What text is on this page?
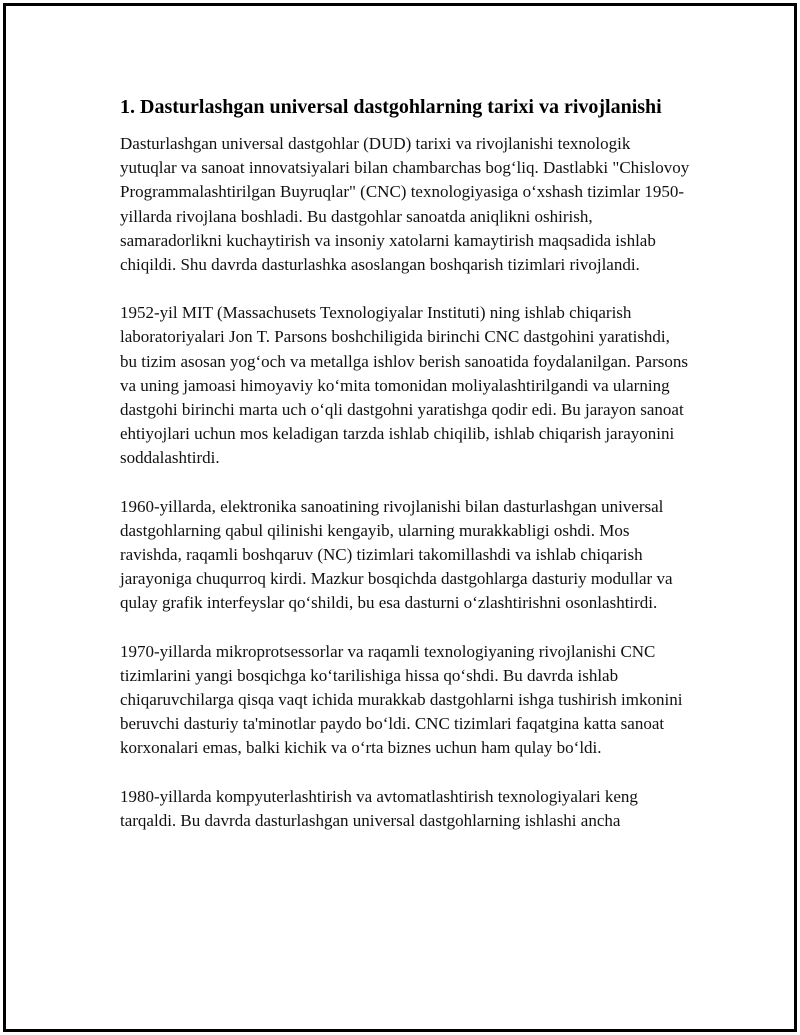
1. Dasturlashgan universal dastgohlarning tarixi va rivojlanishi

Dasturlashgan universal dastgohlar (DUD) tarixi va rivojlanishi texnologik yutuqlar va sanoat innovatsiyalari bilan chambarchas bog‘liq. Dastlabki "Chislovoy Programmalashtirilgan Buyruqlar" (CNC) texnologiyasiga o‘xshash tizimlar 1950-yillarda rivojlana boshladi. Bu dastgohlar sanoatda aniqlikni oshirish, samaradorlikni kuchaytirish va insoniy xatolarni kamaytirish maqsadida ishlab chiqildi. Shu davrda dasturlashka asoslangan boshqarish tizimlari rivojlandi.

1952-yil MIT (Massachusets Texnologiyalar Instituti) ning ishlab chiqarish laboratoriyalari Jon T. Parsons boshchiligida birinchi CNC dastgohini yaratishdi, bu tizim asosan yog‘och va metallga ishlov berish sanoatida foydalanilgan. Parsons va uning jamoasi himoyaviy ko‘mita tomonidan moliyalashtirilgandi va ularning dastgohi birinchi marta uch o‘qli dastgohni yaratishga qodir edi. Bu jarayon sanoat ehtiyojlari uchun mos keladigan tarzda ishlab chiqilib, ishlab chiqarish jarayonini soddalashtirdi.

1960-yillarda, elektronika sanoatining rivojlanishi bilan dasturlashgan universal dastgohlarning qabul qilinishi kengayib, ularning murakkabligi oshdi. Mos ravishda, raqamli boshqaruv (NC) tizimlari takomillashdi va ishlab chiqarish jarayoniga chuqurroq kirdi. Mazkur bosqichda dastgohlarga dasturiy modullar va qulay grafik interfeyslar qo‘shildi, bu esa dasturni o‘zlashtirishni osonlashtirdi.

1970-yillarda mikroprotsessorlar va raqamli texnologiyaning rivojlanishi CNC tizimlarini yangi bosqichga ko‘tarilishiga hissa qo‘shdi. Bu davrda ishlab chiqaruvchilarga qisqa vaqt ichida murakkab dastgohlarni ishga tushirish imkonini beruvchi dasturiy ta'minotlar paydo bo‘ldi. CNC tizimlari faqatgina katta sanoat korxonalari emas, balki kichik va o‘rta biznes uchun ham qulay bo‘ldi.

1980-yillarda kompyuterlashtirish va avtomatlashtirish texnologiyalari keng tarqaldi. Bu davrda dasturlashgan universal dastgohlarning ishlashi ancha
